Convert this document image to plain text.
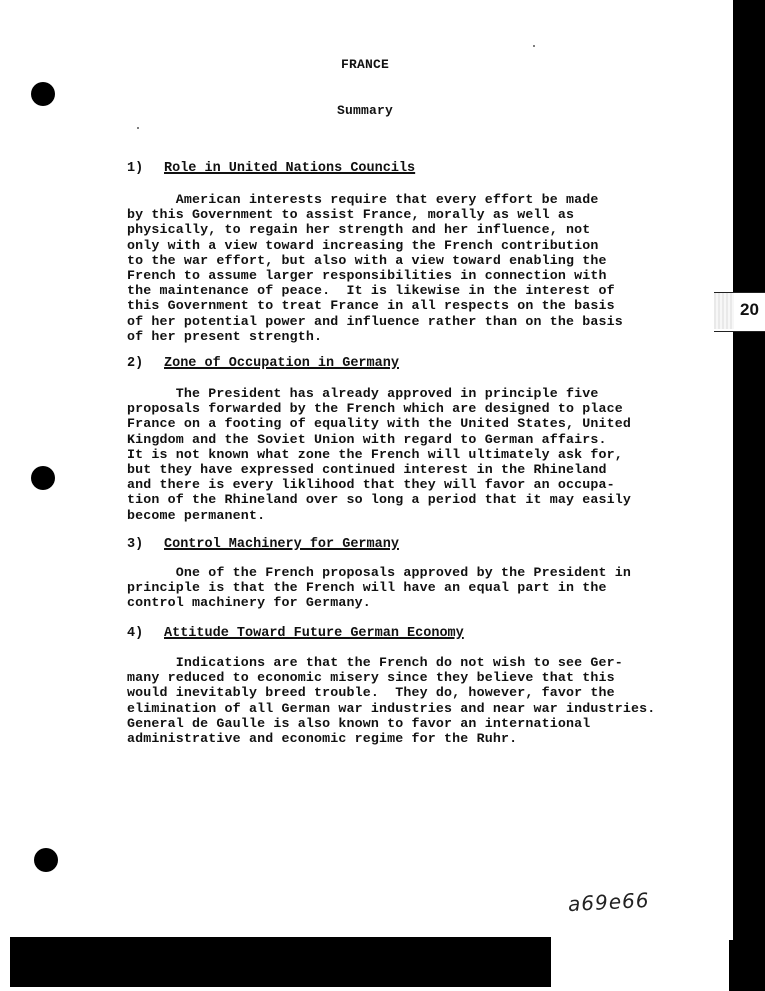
20
FRANCE
Summary
1) Role in United Nations Councils
American interests require that every effort be made
by this Government to assist France, morally as well as
physically, to regain her strength and her influence, not
only with a view toward increasing the French contribution
to the war effort, but also with a view toward enabling the
French to assume larger responsibilities in connection with
the maintenance of peace.  It is likewise in the interest of
this Government to treat France in all respects on the basis
of her potential power and influence rather than on the basis
of her present strength.
2) Zone of Occupation in Germany
The President has already approved in principle five
proposals forwarded by the French which are designed to place
France on a footing of equality with the United States, United
Kingdom and the Soviet Union with regard to German affairs.
It is not known what zone the French will ultimately ask for,
but they have expressed continued interest in the Rhineland
and there is every liklihood that they will favor an occupa-
tion of the Rhineland over so long a period that it may easily
become permanent.
3) Control Machinery for Germany
One of the French proposals approved by the President in
principle is that the French will have an equal part in the
control machinery for Germany.
4) Attitude Toward Future German Economy
Indications are that the French do not wish to see Ger-
many reduced to economic misery since they believe that this
would inevitably breed trouble.  They do, however, favor the
elimination of all German war industries and near war industries.
General de Gaulle is also known to favor an international
administrative and economic regime for the Ruhr.
a69e66
